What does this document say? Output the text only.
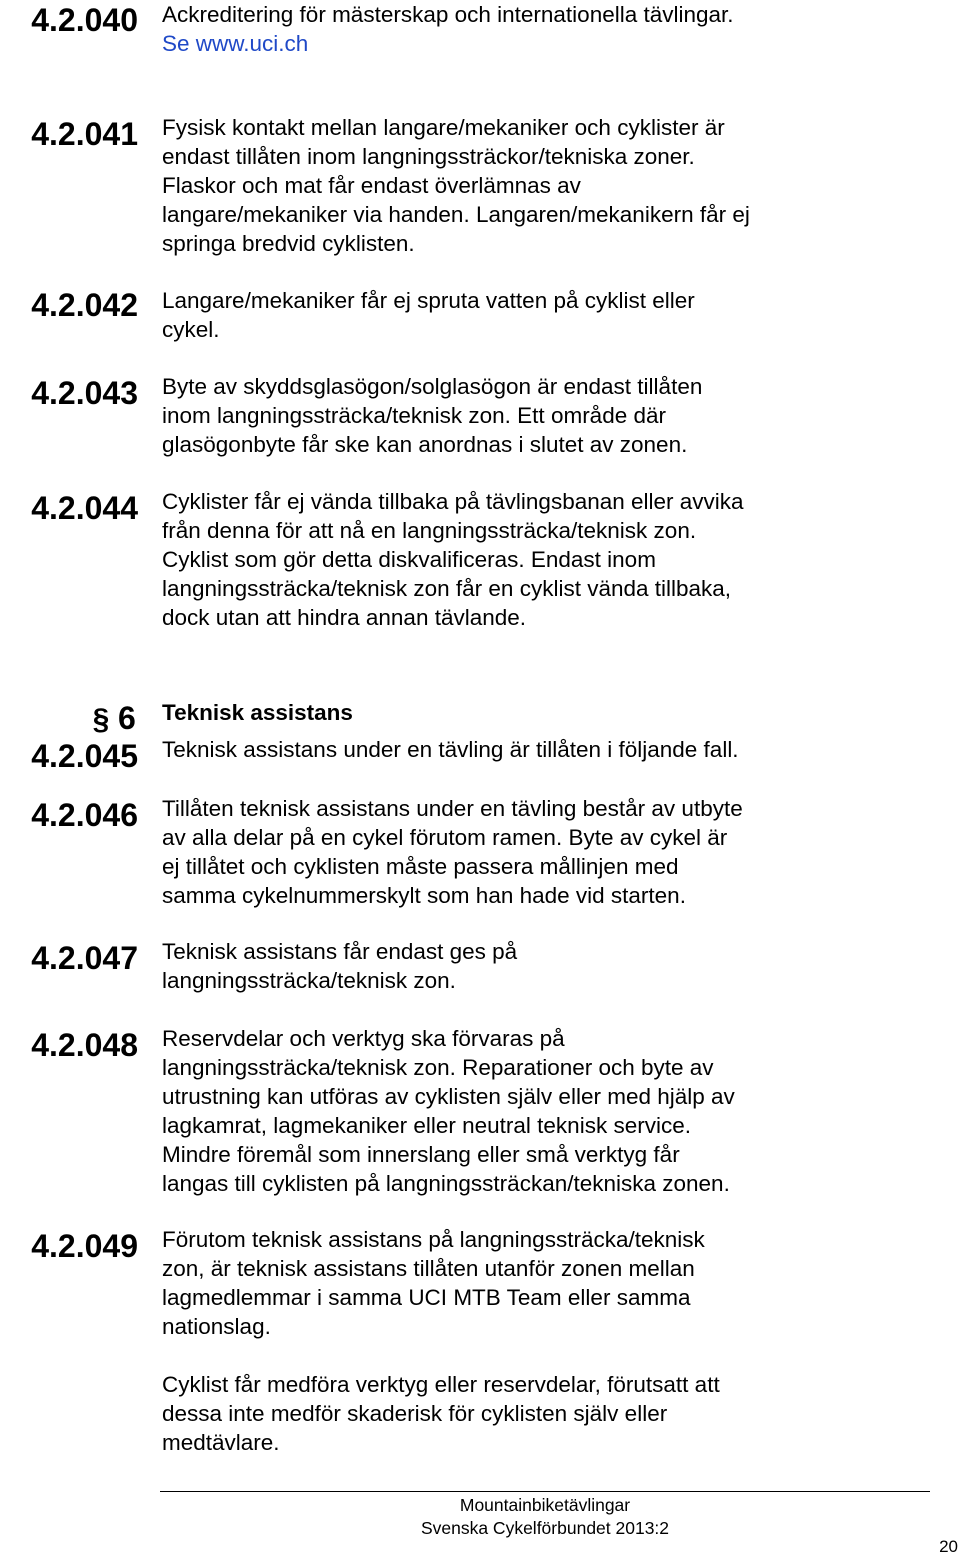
4.2.040 Ackreditering för mästerskap och internationella tävlingar.
Se www.uci.ch
4.2.041 Fysisk kontakt mellan langare/mekaniker och cyklister är
endast tillåten inom langningssträckor/tekniska zoner.
Flaskor och mat får endast överlämnas av
langare/mekaniker via handen. Langaren/mekanikern får ej
springa bredvid cyklisten.
4.2.042 Langare/mekaniker får ej spruta vatten på cyklist eller
cykel.
4.2.043 Byte av skyddsglasögon/solglasögon är endast tillåten
inom langningssträcka/teknisk zon. Ett område där
glasögonbyte får ske kan anordnas i slutet av zonen.
4.2.044 Cyklister får ej vända tillbaka på tävlingsbanan eller avvika
från denna för att nå en langningssträcka/teknisk zon.
Cyklist som gör detta diskvalificeras. Endast inom
langningssträcka/teknisk zon får en cyklist vända tillbaka,
dock utan att hindra annan tävlande.
§ 6 Teknisk assistans
4.2.045 Teknisk assistans under en tävling är tillåten i följande fall.
4.2.046 Tillåten teknisk assistans under en tävling består av utbyte
av alla delar på en cykel förutom ramen. Byte av cykel är
ej tillåtet och cyklisten måste passera mållinjen med
samma cykelnummerskylt som han hade vid starten.
4.2.047 Teknisk assistans får endast ges på
langningssträcka/teknisk zon.
4.2.048 Reservdelar och verktyg ska förvaras på
langningssträcka/teknisk zon. Reparationer och byte av
utrustning kan utföras av cyklisten själv eller med hjälp av
lagkamrat, lagmekaniker eller neutral teknisk service.
Mindre föremål som innerslang eller små verktyg får
langas till cyklisten på langningssträckan/tekniska zonen.
4.2.049 Förutom teknisk assistans på langningssträcka/teknisk
zon, är teknisk assistans tillåten utanför zonen mellan
lagmedlemmar i samma UCI MTB Team eller samma
nationslag.
Cyklist får medföra verktyg eller reservdelar, förutsatt att
dessa inte medför skaderisk för cyklisten själv eller
medtävlare.
Mountainbiketävlingar
Svenska Cykelförbundet 2013:2
20
